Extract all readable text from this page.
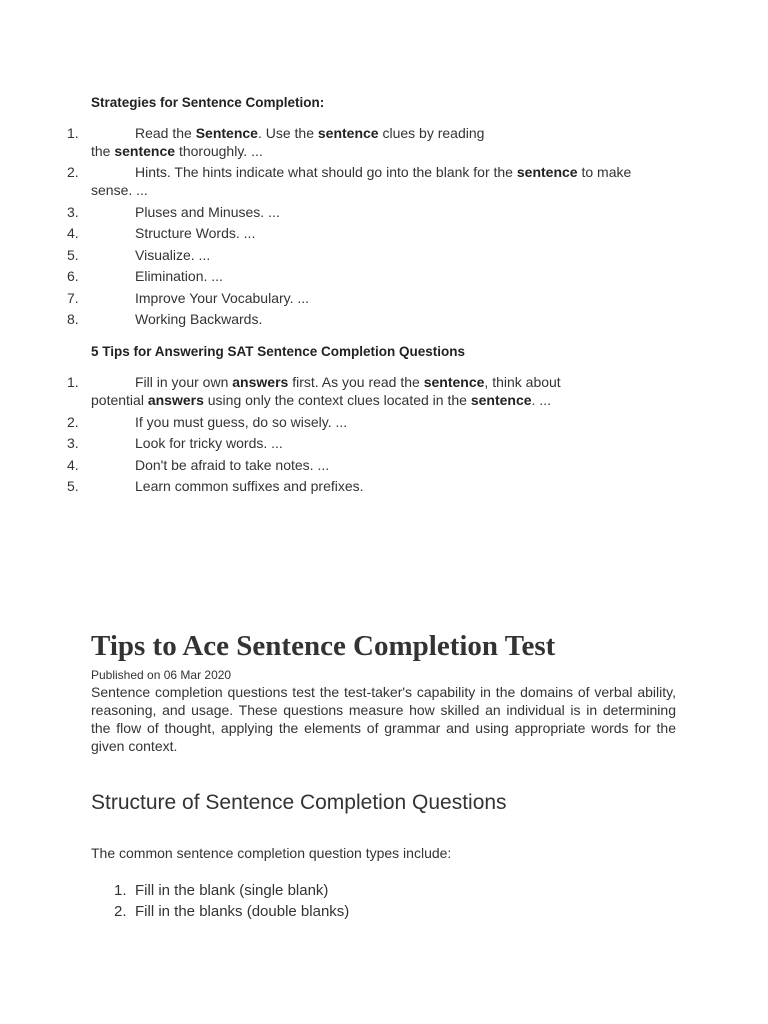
Strategies for Sentence Completion:
1.	Read the Sentence. Use the sentence clues by reading
the sentence thoroughly. ...
2.	Hints. The hints indicate what should go into the blank for the sentence to make
sense. ...
3.	Pluses and Minuses. ...
4.	Structure Words. ...
5.	Visualize. ...
6.	Elimination. ...
7.	Improve Your Vocabulary. ...
8.	Working Backwards.
5 Tips for Answering SAT Sentence Completion Questions
1.	Fill in your own answers first. As you read the sentence, think about
potential answers using only the context clues located in the sentence. ...
2.	If you must guess, do so wisely. ...
3.	Look for tricky words. ...
4.	Don't be afraid to take notes. ...
5.	Learn common suffixes and prefixes.
Tips to Ace Sentence Completion Test
Published on 06 Mar 2020

Sentence completion questions test the test-taker's capability in the domains of verbal ability, reasoning, and usage. These questions measure how skilled an individual is in determining the flow of thought, applying the elements of grammar and using appropriate words for the given context.

Structure of Sentence Completion Questions
The common sentence completion question types include:
1. Fill in the blank (single blank)
2. Fill in the blanks (double blanks)
